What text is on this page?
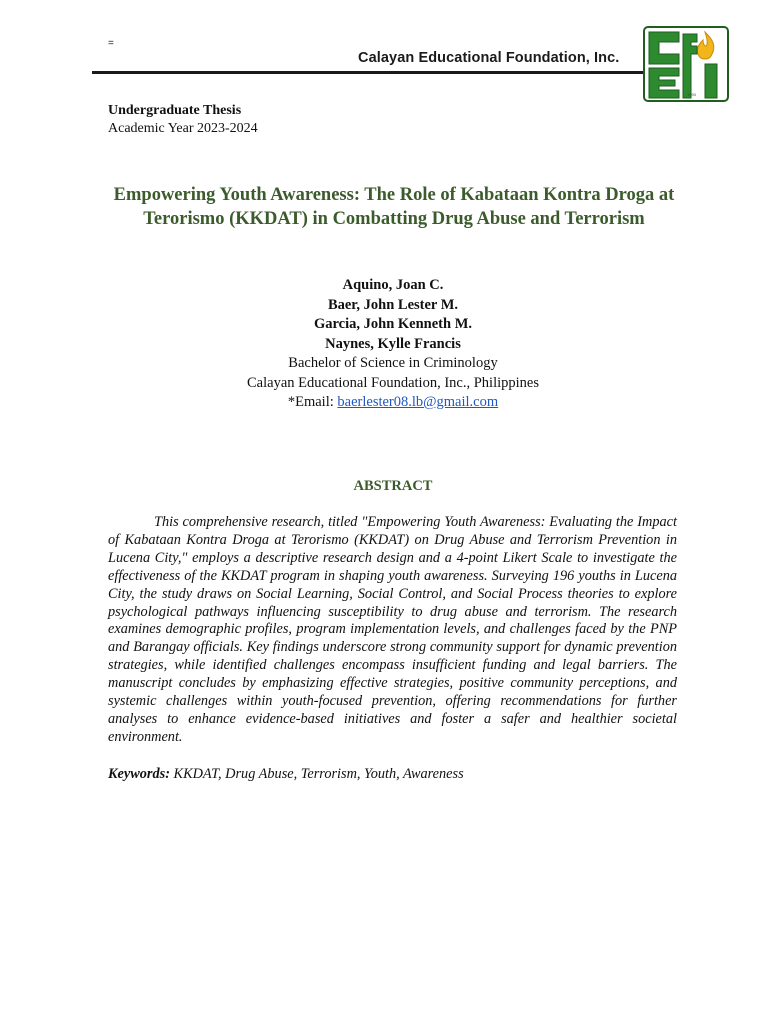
=
Calayan Educational Foundation, Inc.
1993
Undergraduate Thesis
Academic Year 2023-2024
Empowering Youth Awareness: The Role of Kabataan Kontra Droga at Terorismo (KKDAT) in Combatting Drug Abuse and Terrorism
Aquino, Joan C.
Baer, John Lester M.
Garcia, John Kenneth M.
Naynes, Kylle Francis
Bachelor of Science in Criminology
Calayan Educational Foundation, Inc., Philippines
*Email: baerlester08.lb@gmail.com
ABSTRACT
This comprehensive research, titled "Empowering Youth Awareness: Evaluating the Impact of Kabataan Kontra Droga at Terorismo (KKDAT) on Drug Abuse and Terrorism Prevention in Lucena City," employs a descriptive research design and a 4-point Likert Scale to investigate the effectiveness of the KKDAT program in shaping youth awareness. Surveying 196 youths in Lucena City, the study draws on Social Learning, Social Control, and Social Process theories to explore psychological pathways influencing susceptibility to drug abuse and terrorism. The research examines demographic profiles, program implementation levels, and challenges faced by the PNP and Barangay officials. Key findings underscore strong community support for dynamic prevention strategies, while identified challenges encompass insufficient funding and legal barriers. The manuscript concludes by emphasizing effective strategies, positive community perceptions, and systemic challenges within youth-focused prevention, offering recommendations for further analyses to enhance evidence-based initiatives and foster a safer and healthier societal environment.
Keywords: KKDAT, Drug Abuse, Terrorism, Youth, Awareness
